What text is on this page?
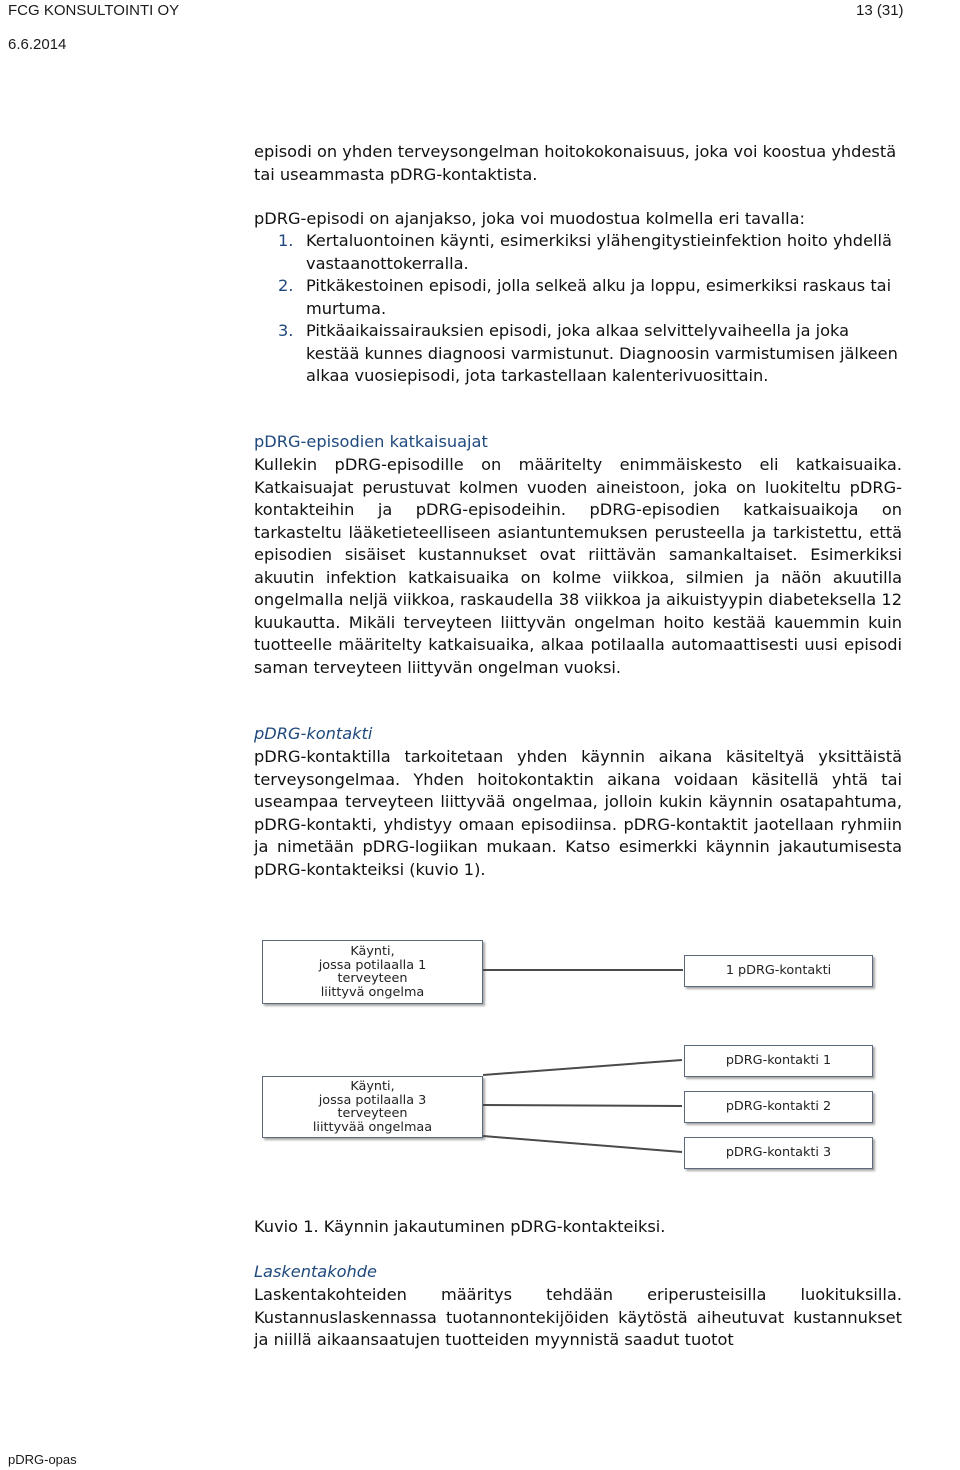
FCG KONSULTOINTI OY
6.6.2014
13 (31)

episodi on yhden terveysongelman hoitokokonaisuus, joka voi koostua yhdestä tai useammasta pDRG-kontaktista.

pDRG-episodi on ajanjakso, joka voi muodostua kolmella eri tavalla:

1. Kertaluontoinen käynti, esimerkiksi ylähengitystieinfektion hoito yhdellä vastaanottokerralla.
2. Pitkäkestoinen episodi, jolla selkeä alku ja loppu, esimerkiksi raskaus tai murtuma.
3. Pitkäaikaissairauksien episodi, joka alkaa selvittelyvaiheella ja joka kestää kunnes diagnoosi varmistunut. Diagnoosin varmistumisen jälkeen alkaa vuosiepisodi, jota tarkastellaan kalenterivuosittain.

pDRG-episodien katkaisuajat

Kullekin pDRG-episodille on määritelty enimmäiskesto eli katkaisuaika. Katkaisuajat perustuvat kolmen vuoden aineistoon, joka on luokiteltu pDRG-kontakteihin ja pDRG-episodeihin. pDRG-episodien katkaisuaikoja on tarkasteltu lääketieteelliseen asiantuntemuksen perusteella ja tarkistettu, että episodien sisäiset kustannukset ovat riittävän samankaltaiset. Esimerkiksi akuutin infektion katkaisuaika on kolme viikkoa, silmien ja näön akuutilla ongelmalla neljä viikkoa, raskaudella 38 viikkoa ja aikuistyypin diabeteksella 12 kuukautta. Mikäli terveyteen liittyvän ongelman hoito kestää kauemmin kuin tuotteelle määritelty katkaisuaika, alkaa potilaalla automaattisesti uusi episodi saman terveyteen liittyvän ongelman vuoksi.

pDRG-kontakti

pDRG-kontaktilla tarkoitetaan yhden käynnin aikana käsiteltyä yksittäistä terveysongelmaa. Yhden hoitokontaktin aikana voidaan käsitellä yhtä tai useampaa terveyteen liittyvää ongelmaa, jolloin kukin käynnin osatapahtuma, pDRG-kontakti, yhdistyy omaan episodiinsa. pDRG-kontaktit jaotellaan ryhmiin ja nimetään pDRG-logiikan mukaan. Katso esimerkki käynnin jakautumisesta pDRG-kontakteiksi (kuvio 1).

Kuvio 1. Käynnin jakautuminen pDRG-kontakteiksi.

Laskentakohde

Laskentakohteiden määritys tehdään eriperusteisilla luokituksilla. Kustannuslaskennassa tuotannontekijöiden käytöstä aiheutuvat kustannukset ja niillä aikaansaatujen tuotteiden myynnistä saadut tuotot

Käynti,
jossa potilaalla 1
terveyteen
liittyvä ongelma
1 pDRG-kontakti
Käynti,
jossa potilaalla 3
terveyteen
liittyvää ongelmaa
pDRG-kontakti 1
pDRG-kontakti 2
pDRG-kontakti 3
pDRG-opas
